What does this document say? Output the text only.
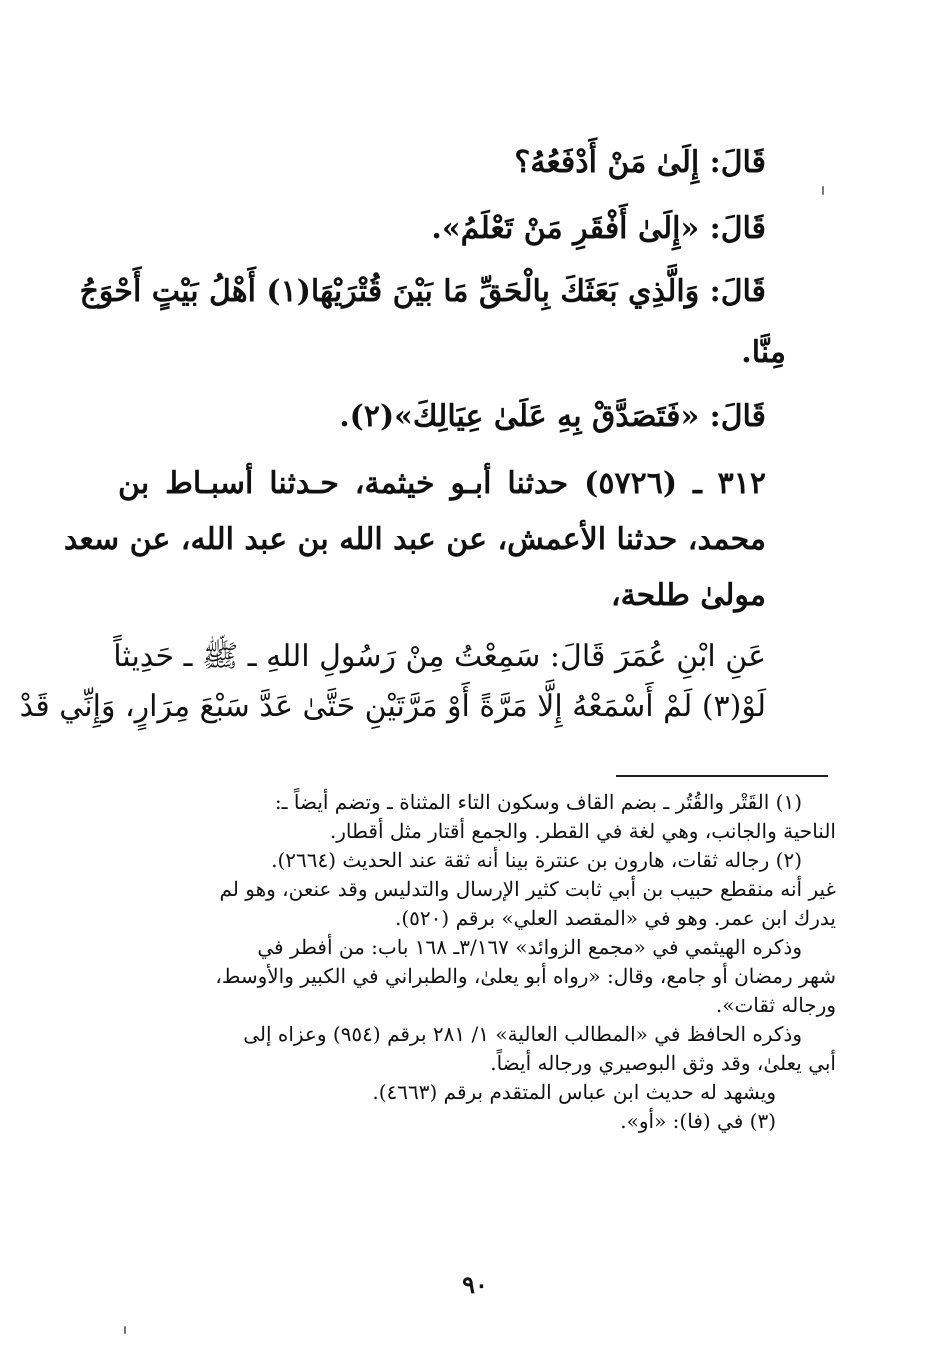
قَالَ: إِلَىٰ مَنْ أَدْفَعُهُ؟

قَالَ: «إِلَىٰ أَفْقَرِ مَنْ تَعْلَمُ».

قَالَ: وَالَّذِي بَعَثَكَ بِالْحَقِّ مَا بَيْنَ قُتْرَيْهَا(١) أَهْلُ بَيْتٍ أَحْوَجُ

مِنَّا.

قَالَ: «فَتَصَدَّقْ بِهِ عَلَىٰ عِيَالِكَ»(٢).

٣١٢ ـ (٥٧٢٦) حدثنا أبـو خيثمة، حـدثنا أسبـاط بن

محمد، حدثنا الأعمش، عن عبد الله بن عبد الله، عن سعد

مولىٰ طلحة،

عَنِ ابْنِ عُمَرَ قَالَ: سَمِعْتُ مِنْ رَسُولِ اللهِ ـ ﷺ ـ حَدِيثاً

لَوْ(٣) لَمْ أَسْمَعْهُ إِلَّا مَرَّةً أَوْ مَرَّتَيْنِ حَتَّىٰ عَدَّ سَبْعَ مِرَارٍ، وَإِنِّي قَدْ

(١) القَتْر والقُتُر ـ بضم القاف وسكون التاء المثناة ـ وتضم أيضاً ـ:

الناحية والجانب، وهي لغة في القطر. والجمع أقتار مثل أقطار.

(٢) رجاله ثقات، هارون بن عنترة بينا أنه ثقة عند الحديث (٢٦٦٤).

غير أنه منقطع حبيب بن أبي ثابت كثير الإرسال والتدليس وقد عنعن، وهو لم

يدرك ابن عمر. وهو في «المقصد العلي» برقم (٥٢٠).

وذكره الهيثمي في «مجمع الزوائد» ٣/١٦٧ـ ١٦٨ باب: من أفطر في

شهر رمضان أو جامع، وقال: «رواه أبو يعلىٰ، والطبراني في الكبير والأوسط،

ورجاله ثقات».

وذكره الحافظ في «المطالب العالية» ١/ ٢٨١ برقم (٩٥٤) وعزاه إلى

أبي يعلىٰ، وقد وثق البوصيري ورجاله أيضاً.

ويشهد له حديث ابن عباس المتقدم برقم (٤٦٦٣).

(٣) في (فا): «أو».

٩٠
